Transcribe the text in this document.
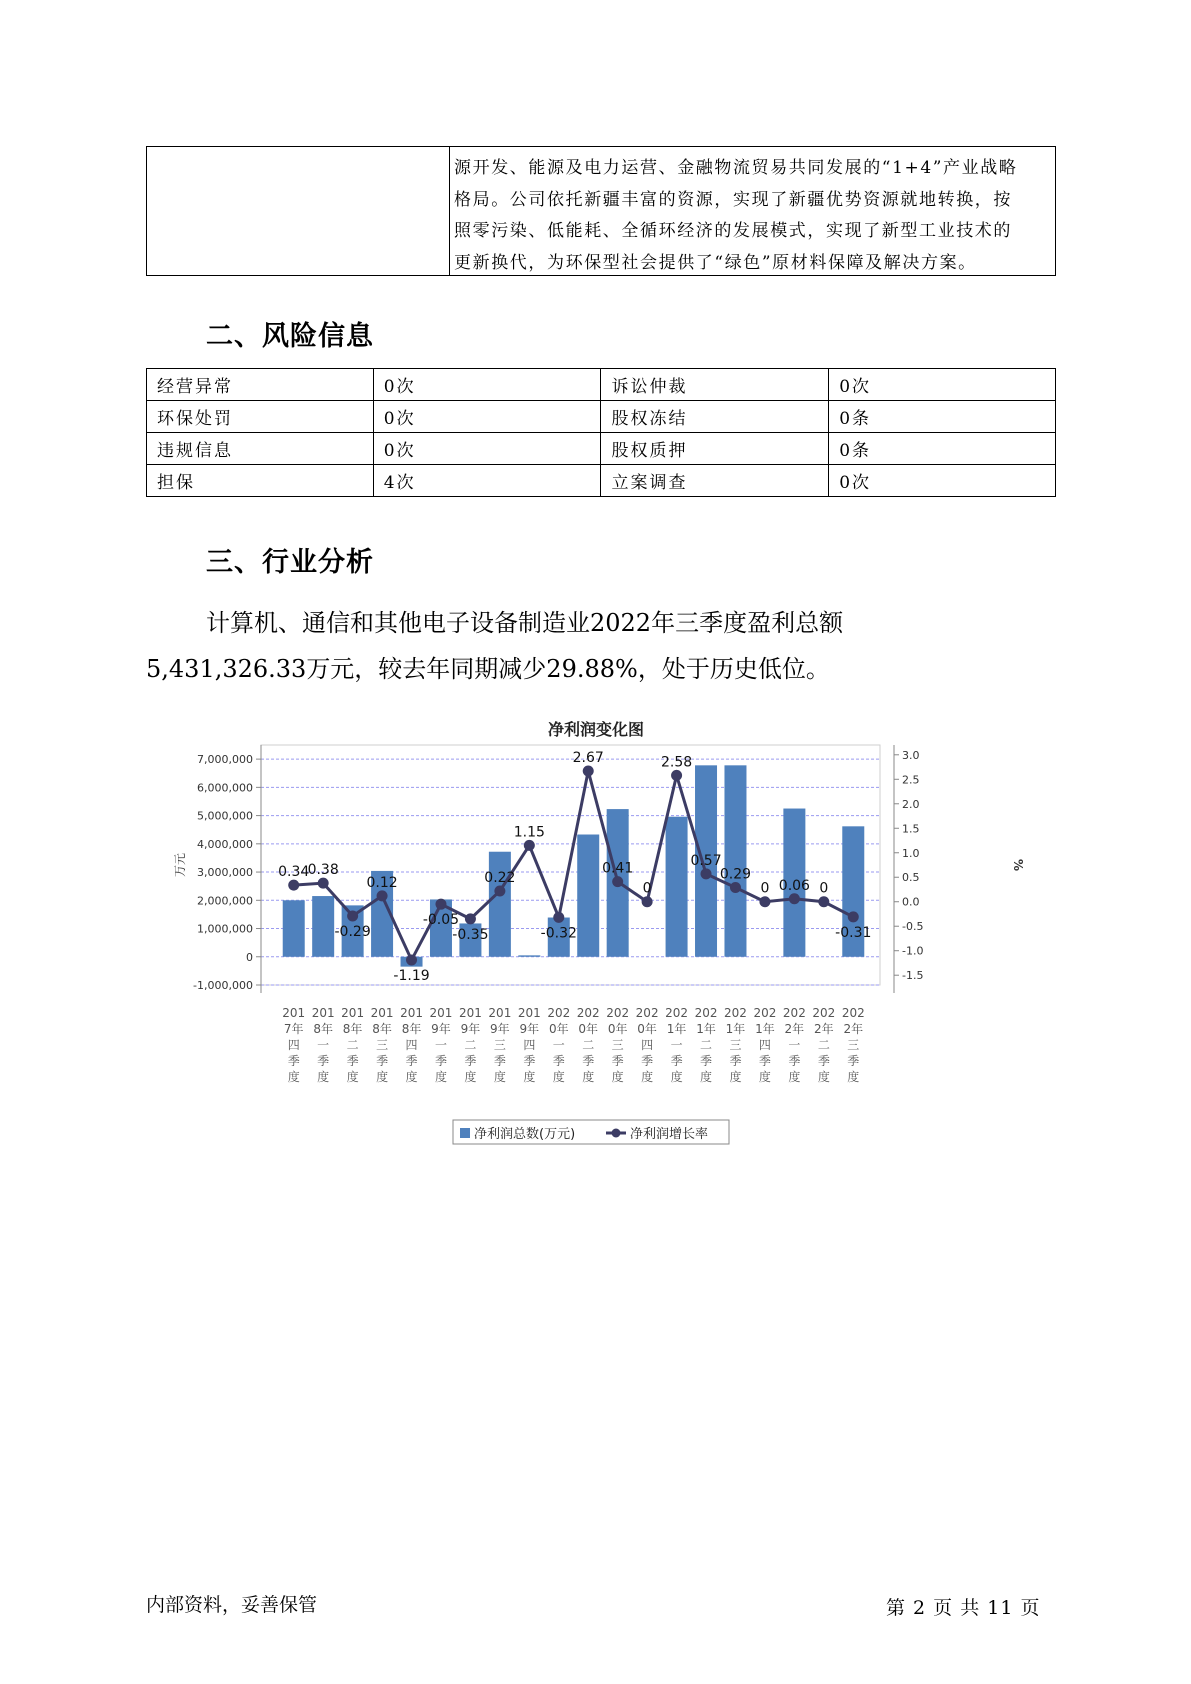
源开发、能源及电力运营、金融物流贸易共同发展的“1+4”产业战略
格局。公司依托新疆丰富的资源，实现了新疆优势资源就地转换，按
照零污染、低能耗、全循环经济的发展模式，实现了新型工业技术的
更新换代，为环保型社会提供了“绿色”原材料保障及解决方案。
二、风险信息
经营异常	0次	诉讼仲裁	0次
环保处罚	0次	股权冻结	0条
违规信息	0次	股权质押	0条
担保	4次	立案调查	0次
三、行业分析
计算机、通信和其他电子设备制造业2022年三季度盈利总额
5,431,326.33万元，较去年同期减少29.88%，处于历史低位。
净利润变化图
7,000,000
6,000,000
5,000,000
4,000,000
3,000,000
2,000,000
1,000,000
0
-1,000,000
3.0
2.5
2.0
1.5
1.0
0.5
0.0
-0.5
-1.0
-1.5
万元	%
0.34
0.38
-0.29
0.12
-1.19
-0.05
-0.35
0.22
1.15
-0.32
2.67
0.41
0
2.58
0.57
0.29
0 0.06 0
-0.31
201
7年
四
季
度
201
8年
一
季
度
201
8年
二
季
度
201
8年
三
季
度
201
8年
四
季
度
201
9年
一
季
度
201
9年
二
季
度
201
9年
三
季
度
201
9年
四
季
度
202
0年
一
季
度
202
0年
二
季
度
202
0年
三
季
度
202
0年
四
季
度
202
1年
一
季
度
202
1年
二
季
度
202
1年
三
季
度
202
1年
四
季
度
202
2年
一
季
度
202
2年
二
季
度
202
2年
三
季
度
净利润总数(万元)	净利润增长率
内部资料，妥善保管	第 2 页 共 11 页
